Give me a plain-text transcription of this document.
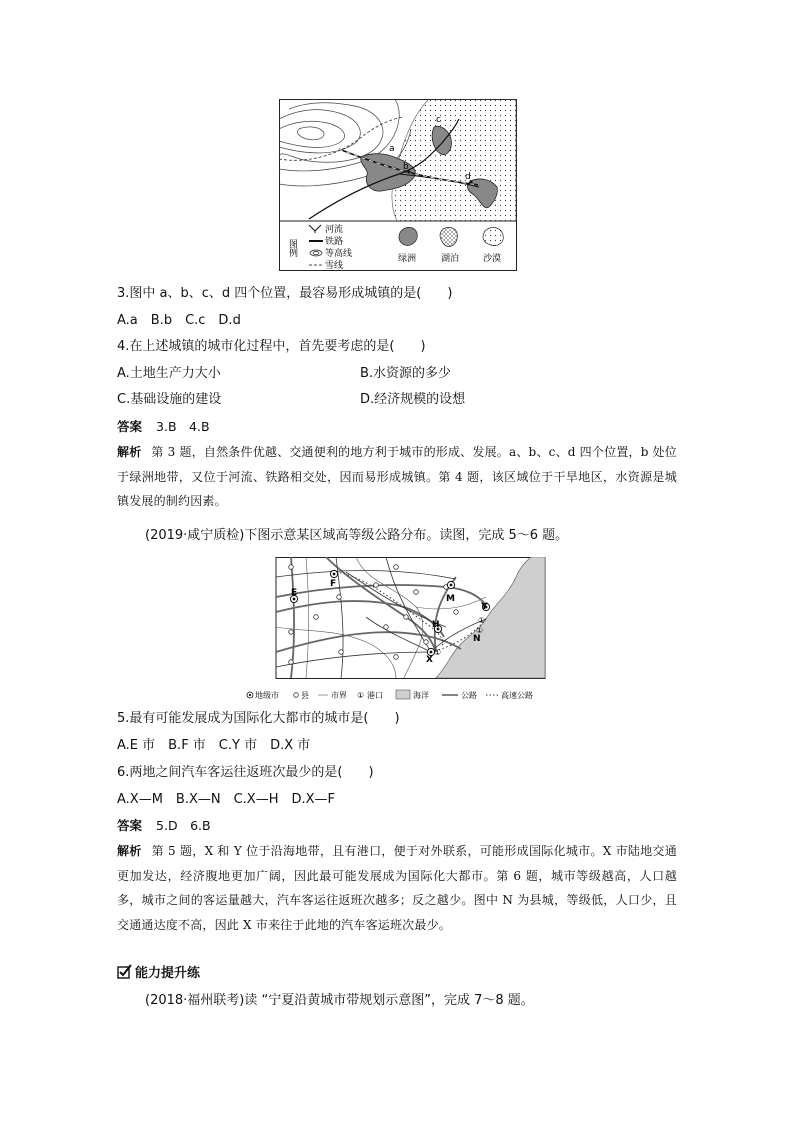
a
b
c
d
图例
河流
铁路
等高线
雪线
绿洲	湖泊	沙漠
3.图中 a、b、c、d 四个位置，最容易形成城镇的是(　　)
A.a　B.b　C.c　D.d
4.在上述城镇的城市化过程中，首先要考虑的是(　　)
A.土地生产力大小	B.水资源的多少
C.基础设施的建设	D.经济规模的设想
答案 3.B　4.B
解析 第 3 题，自然条件优越、交通便利的地方利于城市的形成、发展。a、b、c、d 四个位置，b 处位于绿洲地带，又位于河流、铁路相交处，因而易形成城镇。第 4 题，该区域位于干旱地区，水资源是城镇发展的制约因素。
(2019·咸宁质检)下图示意某区域高等级公路分布。读图，完成 5～6 题。
F
E
M
Y
H
N
X
①
①
①
地级市	县	市界 ① 港口	海洋	公路	高速公路
5.最有可能发展成为国际化大都市的城市是(　　)
A.E 市　B.F 市　C.Y 市　D.X 市
6.两地之间汽车客运往返班次最少的是(　　)
A.X—M　B.X—N　C.X—H　D.X—F
答案 5.D　6.B
解析 第 5 题，X 和 Y 位于沿海地带，且有港口，便于对外联系，可能形成国际化城市。X 市陆地交通更加发达，经济腹地更加广阔，因此最可能发展成为国际化大都市。第 6 题，城市等级越高，人口越多，城市之间的客运量越大，汽车客运往返班次越多；反之越少。图中 N 为县城，等级低，人口少，且交通通达度不高，因此 X 市来往于此地的汽车客运班次最少。
能力提升练
(2018·福州联考)读 “宁夏沿黄城市带规划示意图”，完成 7～8 题。
